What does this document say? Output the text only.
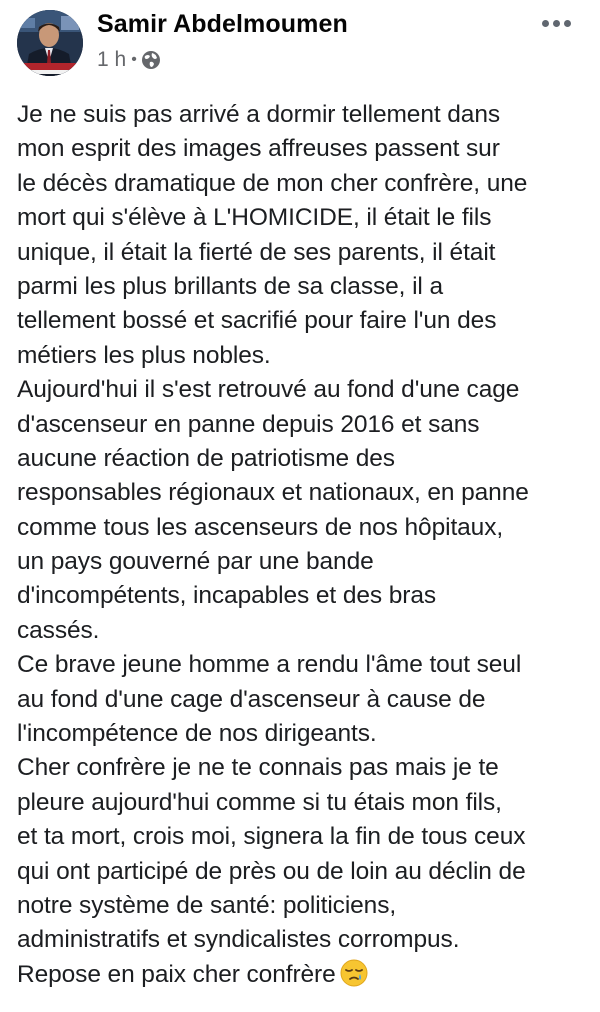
Samir Abdelmoumen
1 h •
Je ne suis pas arrivé a dormir tellement dans
mon esprit des images affreuses passent sur
le décès dramatique de mon cher confrère, une
mort qui s'élève à L'HOMICIDE, il était le fils
unique, il était la fierté de ses parents, il était
parmi les plus brillants de sa classe, il a
tellement bossé et sacrifié pour faire l'un des
métiers les plus nobles.
Aujourd'hui il s'est retrouvé au fond d'une cage
d'ascenseur en panne depuis 2016 et sans
aucune réaction de patriotisme des
responsables régionaux et nationaux, en panne
comme tous les ascenseurs de nos hôpitaux,
un pays gouverné par une bande
d'incompétents, incapables et des bras
cassés.
Ce brave jeune homme a rendu l'âme tout seul
au fond d'une cage d'ascenseur à cause de
l'incompétence de nos dirigeants.
Cher confrère je ne te connais pas mais je te
pleure aujourd'hui comme si tu étais mon fils,
et ta mort, crois moi, signera la fin de tous ceux
qui ont participé de près ou de loin au déclin de
notre système de santé: politiciens,
administratifs et syndicalistes corrompus.
Repose en paix cher confrère
